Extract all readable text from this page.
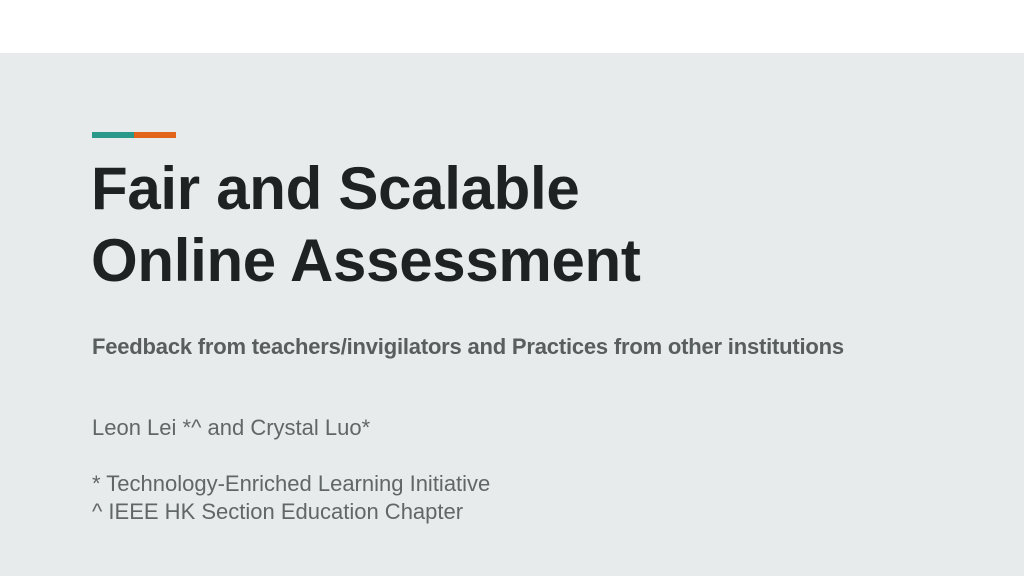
Fair and Scalable
Online Assessment
Feedback from teachers/invigilators and Practices from other institutions

Leon Lei *^ and Crystal Luo*

* Technology-Enriched Learning Initiative
^ IEEE HK Section Education Chapter
